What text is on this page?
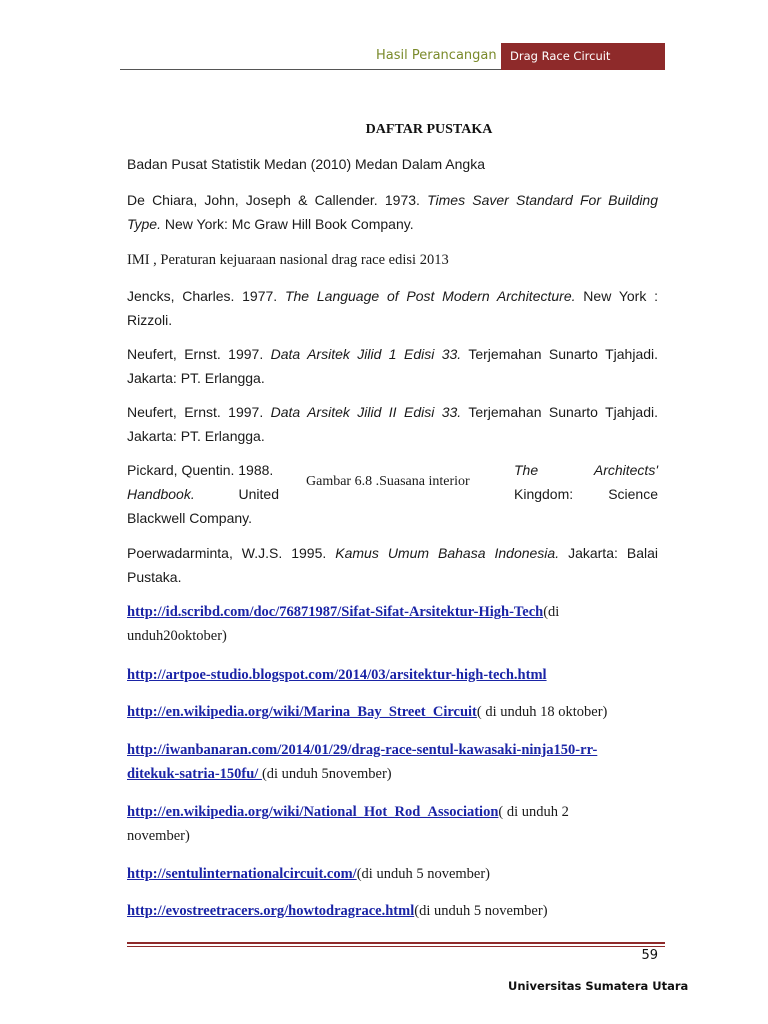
Hasil Perancangan	Drag Race Circuit
DAFTAR PUSTAKA
Badan Pusat Statistik Medan (2010) Medan Dalam Angka
De Chiara, John, Joseph & Callender. 1973. Times Saver Standard For Building
Type. New York: Mc Graw Hill Book Company.
IMI , Peraturan kejuaraan nasional drag race edisi 2013
Jencks, Charles. 1977. The Language of Post Modern Architecture. New York :
Rizzoli.
Neufert, Ernst. 1997. Data Arsitek Jilid 1 Edisi 33. Terjemahan Sunarto Tjahjadi.
Jakarta: PT. Erlangga.
Neufert, Ernst. 1997. Data Arsitek Jilid II Edisi 33. Terjemahan Sunarto Tjahjadi.
Jakarta: PT. Erlangga.
Pickard, Quentin. 1988.
Handbook.	United
Blackwell Company.
Gambar 6.8 .Suasana interior
The	Architects'
Kingdom:	Science
Poerwadarminta, W.J.S. 1995. Kamus Umum Bahasa Indonesia. Jakarta: Balai
Pustaka.
http://id.scribd.com/doc/76871987/Sifat-Sifat-Arsitektur-High-Tech(di
unduh20oktober)
http://artpoe-studio.blogspot.com/2014/03/arsitektur-high-tech.html
http://en.wikipedia.org/wiki/Marina_Bay_Street_Circuit( di unduh 18 oktober)
http://iwanbanaran.com/2014/01/29/drag-race-sentul-kawasaki-ninja150-rr-
ditekuk-satria-150fu/ (di unduh 5november)
http://en.wikipedia.org/wiki/National_Hot_Rod_Association( di unduh 2
november)
http://sentulinternationalcircuit.com/(di unduh 5 november)
http://evostreetracers.org/howtodragrace.html(di unduh 5 november)
59
Universitas Sumatera Utara
